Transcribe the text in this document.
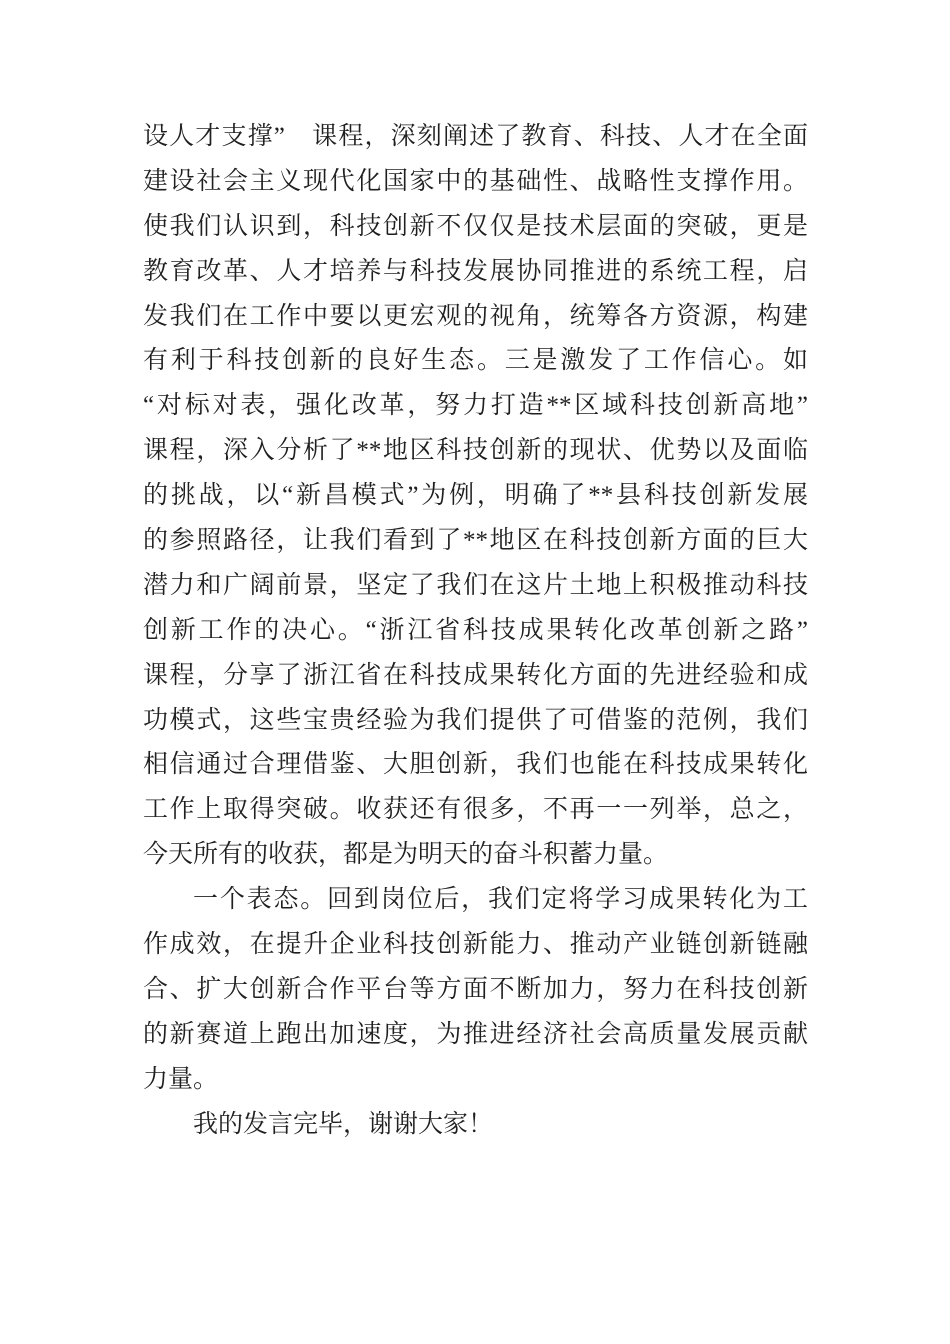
设人才支撑”　课程，深刻阐述了教育、科技、人才在全面
建设社会主义现代化国家中的基础性、战略性支撑作用。
使我们认识到，科技创新不仅仅是技术层面的突破，更是
教育改革、人才培养与科技发展协同推进的系统工程，启
发我们在工作中要以更宏观的视角，统筹各方资源，构建
有利于科技创新的良好生态。三是激发了工作信心。如
“对标对表，强化改革，努力打造**区域科技创新高地”
课程，深入分析了**地区科技创新的现状、优势以及面临
的挑战，以“新昌模式”为例，明确了**县科技创新发展
的参照路径，让我们看到了**地区在科技创新方面的巨大
潜力和广阔前景，坚定了我们在这片土地上积极推动科技
创新工作的决心。“浙江省科技成果转化改革创新之路”
课程，分享了浙江省在科技成果转化方面的先进经验和成
功模式，这些宝贵经验为我们提供了可借鉴的范例，我们
相信通过合理借鉴、大胆创新，我们也能在科技成果转化
工作上取得突破。收获还有很多，不再一一列举，总之，
今天所有的收获，都是为明天的奋斗积蓄力量。
一个表态。回到岗位后，我们定将学习成果转化为工
作成效，在提升企业科技创新能力、推动产业链创新链融
合、扩大创新合作平台等方面不断加力，努力在科技创新
的新赛道上跑出加速度，为推进经济社会高质量发展贡献
力量。
我的发言完毕，谢谢大家！
